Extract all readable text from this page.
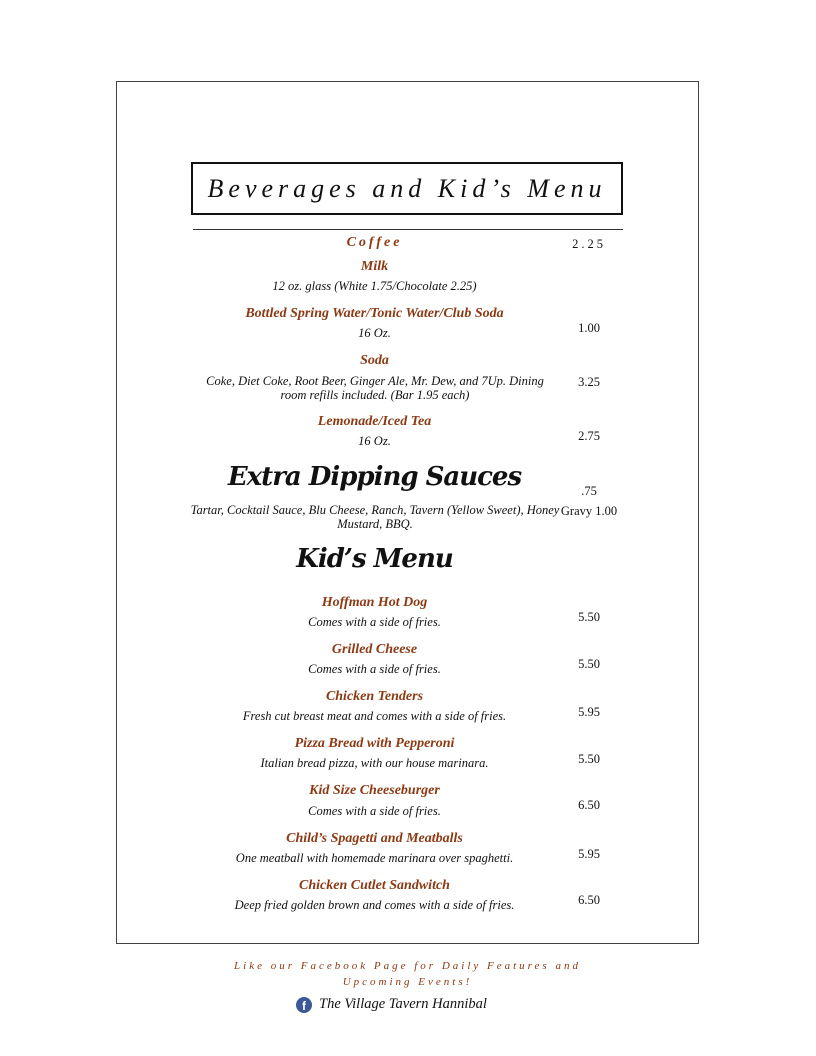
Beverages and Kid’s Menu
Coffee	2.25
Milk
12 oz. glass (White 1.75/Chocolate 2.25)
Bottled Spring Water/Tonic Water/Club Soda
16 Oz.	1.00
Soda
Coke, Diet Coke, Root Beer, Ginger Ale, Mr. Dew, and 7Up. Dining room refills included. (Bar 1.95 each)
3.25
Lemonade/Iced Tea
16 Oz.	2.75
Extra Dipping Sauces	.75
Tartar, Cocktail Sauce, Blu Cheese, Ranch, Tavern (Yellow Sweet), Honey Mustard, BBQ.
Gravy 1.00
Kid’s Menu
Hoffman Hot Dog
Comes with a side of fries.	5.50
Grilled Cheese
Comes with a side of fries.	5.50
Chicken Tenders
Fresh cut breast meat and comes with a side of fries.	5.95
Pizza Bread with Pepperoni
Italian bread pizza, with our house marinara.	5.50
Kid Size Cheeseburger
Comes with a side of fries.	6.50
Child’s Spagetti and Meatballs
One meatball with homemade marinara over spaghetti.	5.95
Chicken Cutlet Sandwitch
Deep fried golden brown and comes with a side of fries.	6.50
Like our Facebook Page for Daily Features and Upcoming Events!
f The Village Tavern Hannibal
